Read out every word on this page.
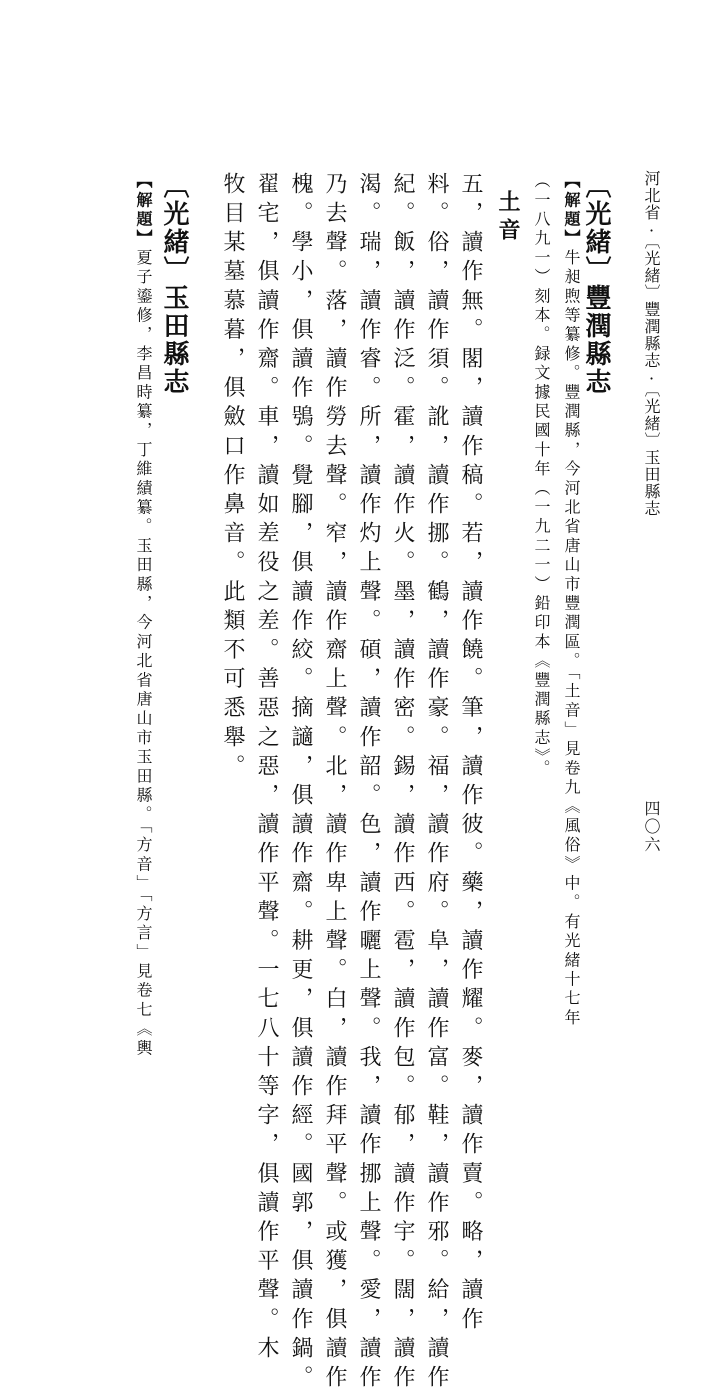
河北省·〔光緒〕豐潤縣志·〔光緒〕玉田縣志
四〇六
〔光緒〕豐潤縣志
【解題】牛昶煦等纂修。豐潤縣，今河北省唐山市豐潤區。「土音」見卷九《風俗》中。有光緒十七年
（一八九一）刻本。録文據民國十年（一九二一）鉛印本《豐潤縣志》。
土音
五，讀作無。閣，讀作稿。若，讀作饒。筆，讀作彼。藥，讀作耀。麥，讀作賣。略，讀作
料。俗，讀作須。訛，讀作挪。鶴，讀作豪。福，讀作府。阜，讀作富。鞋，讀作邪。給，讀作
紀。飯，讀作泛。霍，讀作火。墨，讀作密。錫，讀作西。雹，讀作包。郁，讀作宇。闊，讀作
渴。瑞，讀作睿。所，讀作灼上聲。碩，讀作韶。色，讀作曬上聲。我，讀作挪上聲。愛，讀作
乃去聲。落，讀作勞去聲。窄，讀作齋上聲。北，讀作卑上聲。白，讀作拜平聲。或獲，俱讀作
槐。學小，俱讀作鴞。覺腳，俱讀作絞。摘讁，俱讀作齋。耕更，俱讀作經。國郭，俱讀作鍋。
翟宅，俱讀作齋。車，讀如差役之差。善惡之惡，讀作平聲。一七八十等字，俱讀作平聲。木
牧目某墓慕暮，俱斂口作鼻音。此類不可悉舉。
〔光緒〕玉田縣志
【解題】夏子鎏修，李昌時纂，丁維績纂。玉田縣，今河北省唐山市玉田縣。「方音」「方言」見卷七《輿
